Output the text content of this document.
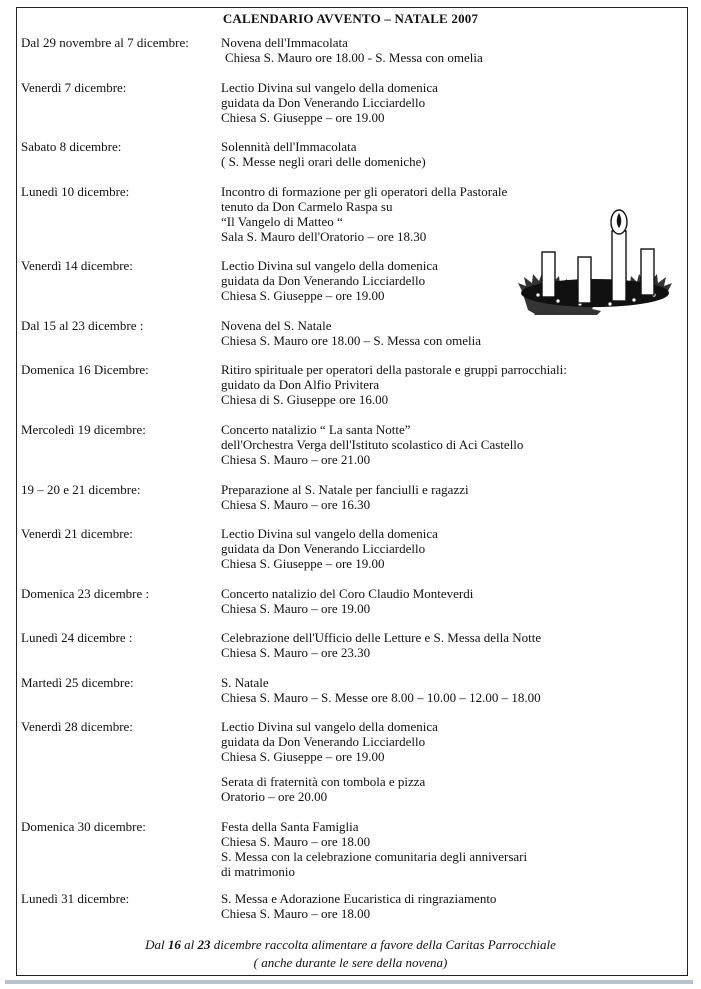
CALENDARIO AVVENTO – NATALE 2007
Dal 29 novembre al 7 dicembre: Novena dell'Immacolata
Chiesa S. Mauro ore 18.00 - S. Messa con omelia
Venerdì 7 dicembre:	Lectio Divina sul vangelo della domenica
guidata da Don Venerando Licciardello
Chiesa S. Giuseppe – ore 19.00
Sabato 8 dicembre:	Solennità dell'Immacolata
( S. Messe negli orari delle domeniche)
Lunedì 10 dicembre:	Incontro di formazione per gli operatori della Pastorale
tenuto da Don Carmelo Raspa su
“Il Vangelo di Matteo “
Sala S. Mauro dell'Oratorio – ore 18.30
Venerdì 14 dicembre:	Lectio Divina sul vangelo della domenica
guidata da Don Venerando Licciardello
Chiesa S. Giuseppe – ore 19.00
Dal 15 al 23 dicembre :	Novena del S. Natale
Chiesa S. Mauro ore 18.00 – S. Messa con omelia
Domenica 16 Dicembre:	Ritiro spirituale per operatori della pastorale e gruppi parrocchiali:
guidato da Don Alfio Privitera
Chiesa di S. Giuseppe ore 16.00
Mercoledì 19 dicembre:	Concerto natalizio “ La santa Notte”
dell'Orchestra Verga dell'Istituto scolastico di Aci Castello
Chiesa S. Mauro – ore 21.00
19 – 20 e 21 dicembre:	Preparazione al S. Natale per fanciulli e ragazzi
Chiesa S. Mauro – ore 16.30
Venerdì 21 dicembre:	Lectio Divina sul vangelo della domenica
guidata da Don Venerando Licciardello
Chiesa S. Giuseppe – ore 19.00
Domenica 23 dicembre :	Concerto natalizio del Coro Claudio Monteverdi
Chiesa S. Mauro – ore 19.00
Lunedì 24 dicembre :	Celebrazione dell'Ufficio delle Letture e S. Messa della Notte
Chiesa S. Mauro – ore 23.30
Martedì 25 dicembre:	S. Natale
Chiesa S. Mauro – S. Messe ore 8.00 – 10.00 – 12.00 – 18.00
Venerdì 28 dicembre:	Lectio Divina sul vangelo della domenica
guidata da Don Venerando Licciardello
Chiesa S. Giuseppe – ore 19.00
Serata di fraternità con tombola e pizza
Oratorio – ore 20.00
Domenica 30 dicembre:	Festa della Santa Famiglia
Chiesa S. Mauro – ore 18.00
S. Messa con la celebrazione comunitaria degli anniversari
di matrimonio
Lunedì 31 dicembre:	S. Messa e Adorazione Eucaristica di ringraziamento
Chiesa S. Mauro – ore 18.00
Dal 16 al 23 dicembre raccolta alimentare a favore della Caritas Parrocchiale
( anche durante le sere della novena)
